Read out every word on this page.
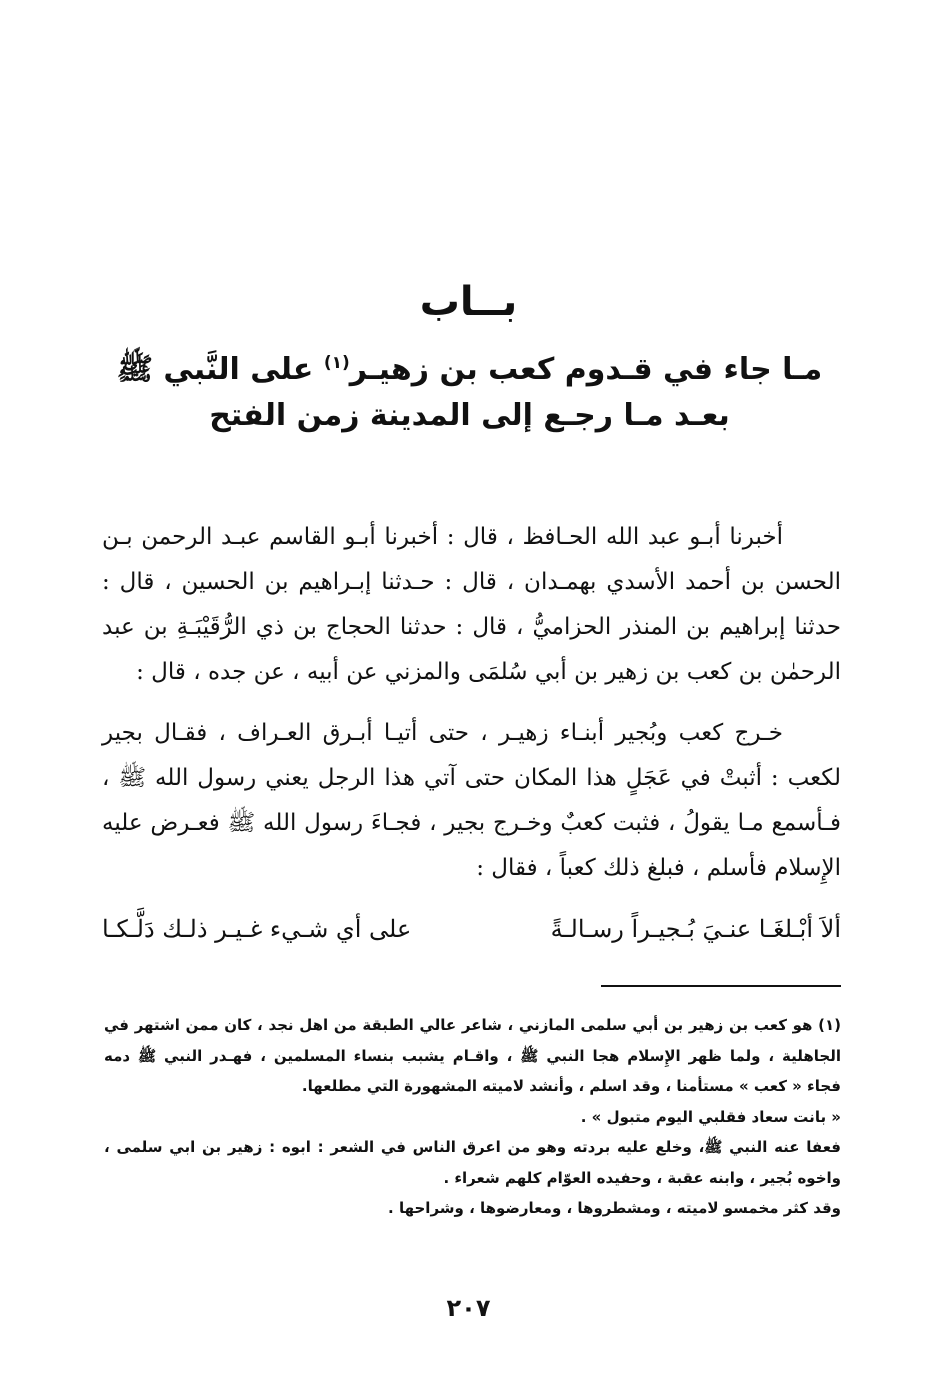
بــاب
مـا جاء في قـدوم كعب بن زهيـر$^{(١)}$ على النَّبي ﷺ بعـد مـا رجـع إلى المدينة زمن الفتح
أخبرنا أبـو عبد الله الحـافظ ، قال : أخبرنا أبـو القاسم عبـد الرحمن بـن الحسن بن أحمد الأسدي بهمـدان ، قال : حـدثنا إبـراهيم بن الحسين ، قال : حدثنا إبراهيم بن المنذر الحزاميُّ ، قال : حدثنا الحجاج بن ذي الرُّقَيْبَـةِ بن عبد الرحمٰن بن كعب بن زهير بن أبي سُلمَى والمزني عن أبيه ، عن جده ، قال :
خـرج كعب وبُجير أبنـاء زهيـر ، حتى أتيـا أبـرق العـراف ، فقـال بجير لكعب : أثبتْ في عَجَلٍ هذا المكان حتى آتي هذا الرجل يعني رسول الله ﷺ ، فـأسمع مـا يقولُ ، فثبت كعبٌ وخـرج بجير ، فجـاءَ رسول الله ﷺ فعـرض عليه الإِسلام فأسلم ، فبلغ ذلك كعباً ، فقال :
ألاَ أبْـلغَـا عنـيَ بُـجيـراً رسـالـةً
على أي شـيء غـيـر ذلـك دَلَّـكـا
(١) هو كعب بن زهير بن أبي سلمى المازني ، شاعر عالي الطبقة من اهل نجد ، كان ممن اشتهر في
الجاهلية ، ولما ظهر الإِسلام هجا النبي ﷺ ، واقـام يشبب بنساء المسلمين ، فهـدر النبي ﷺ دمه
فجاء « كعب » مستأمنا ، وقد اسلم ، وأنشد لاميته المشهورة التي مطلعها.
« بانت سعاد فقلبي اليوم متبول » .
فعفا عنه النبي ﷺ، وخلع عليه بردته وهو من اعرق الناس في الشعر : ابوه : زهير بن ابي سلمى ،
واخوه بُجير ، وابنه عقبة ، وحفيده العوّام كلهم شعراء .
وقد كثر مخمسو لاميته ، ومشطروها ، ومعارضوها ، وشراحها .
٢٠٧
